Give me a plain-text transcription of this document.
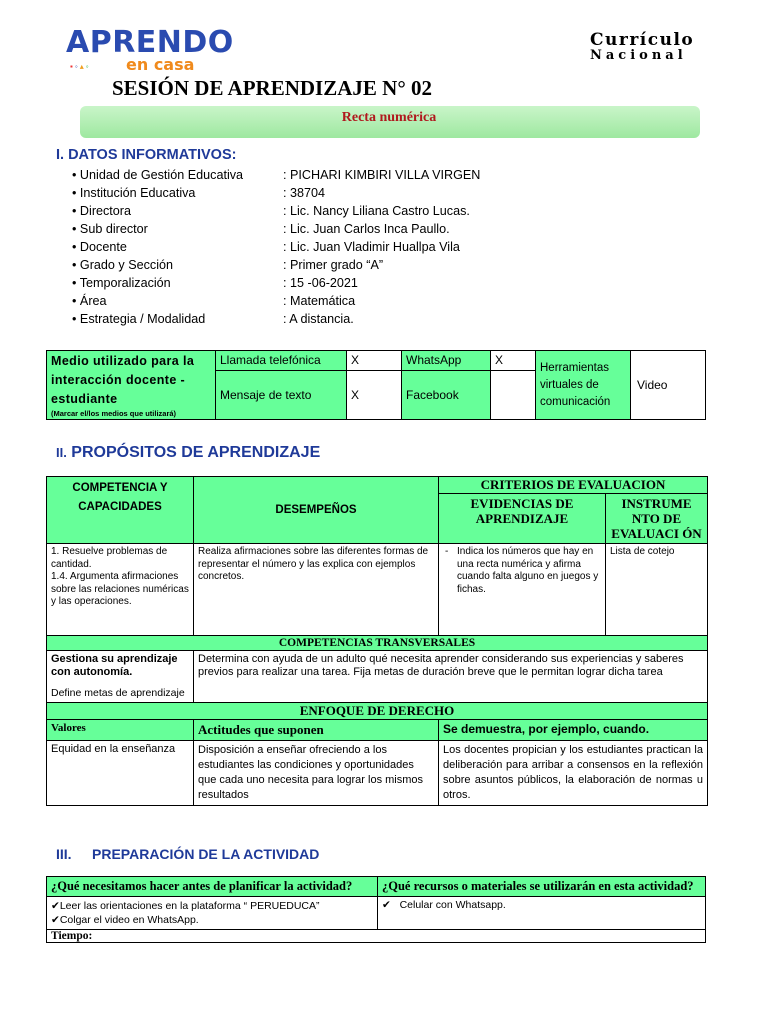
APRENDO
▪◦▴◦ en casa
Currículo
Nacional
SESIÓN DE APRENDIZAJE N° 02
Recta numérica
I. DATOS INFORMATIVOS:
• Unidad de Gestión Educativa	: PICHARI KIMBIRI VILLA VIRGEN
• Institución Educativa	: 38704
• Directora	: Lic. Nancy Liliana Castro Lucas.
• Sub director	: Lic. Juan Carlos Inca Paullo.
• Docente	: Lic. Juan Vladimir Huallpa Vila
• Grado y Sección	: Primer grado “A”
• Temporalización	: 15 -06-2021
• Área	: Matemática
• Estrategia / Modalidad	: A distancia.
Medio utilizado para la interacción docente - estudiante
(Marcar el/los medios que utilizará)	Llamada telefónica	X	WhatsApp	X	Herramientas virtuales de comunicación	Video
	Mensaje de texto	X	Facebook			
II. PROPÓSITOS DE APRENDIZAJE
COMPETENCIA Y CAPACIDADES	DESEMPEÑOS	CRITERIOS DE EVALUACION	
		EVIDENCIAS DE APRENDIZAJE	INSTRUME NTO DE EVALUACI ÓN
1. Resuelve problemas de cantidad.
1.4. Argumenta afirmaciones sobre las relaciones numéricas y las operaciones.	Realiza afirmaciones sobre las diferentes formas de representar el número y las explica con ejemplos concretos.	- Indica los números que hay en una recta numérica y afirma cuando falta alguno en juegos y fichas.	Lista de cotejo
COMPETENCIAS TRANSVERSALES			

Gestiona su aprendizaje con autonomía.
Define metas de aprendizaje	Determina con ayuda de un adulto qué necesita aprender considerando sus experiencias y saberes previos para realizar una tarea. Fija metas de duración breve que le permitan lograr dicha tarea		
ENFOQUE DE DERECHO			
Valores	Actitudes que suponen	Se demuestra, por ejemplo, cuando.	
Equidad en la enseñanza	Disposición a enseñar ofreciendo a los estudiantes las condiciones y oportunidades que cada uno necesita para lograr los mismos resultados	Los docentes propician y los estudiantes practican la deliberación para arribar a consensos en la reflexión sobre asuntos públicos, la elaboración de normas u otros.	
III. PREPARACIÓN DE LA ACTIVIDAD
¿Qué necesitamos hacer antes de planificar la actividad?	¿Qué recursos o materiales se utilizarán en esta actividad?

✔Leer las orientaciones en la plataforma “ PERUEDUCA”
✔Colgar el video en WhatsApp.	✔ Celular con Whatsapp.

Tiempo:	
